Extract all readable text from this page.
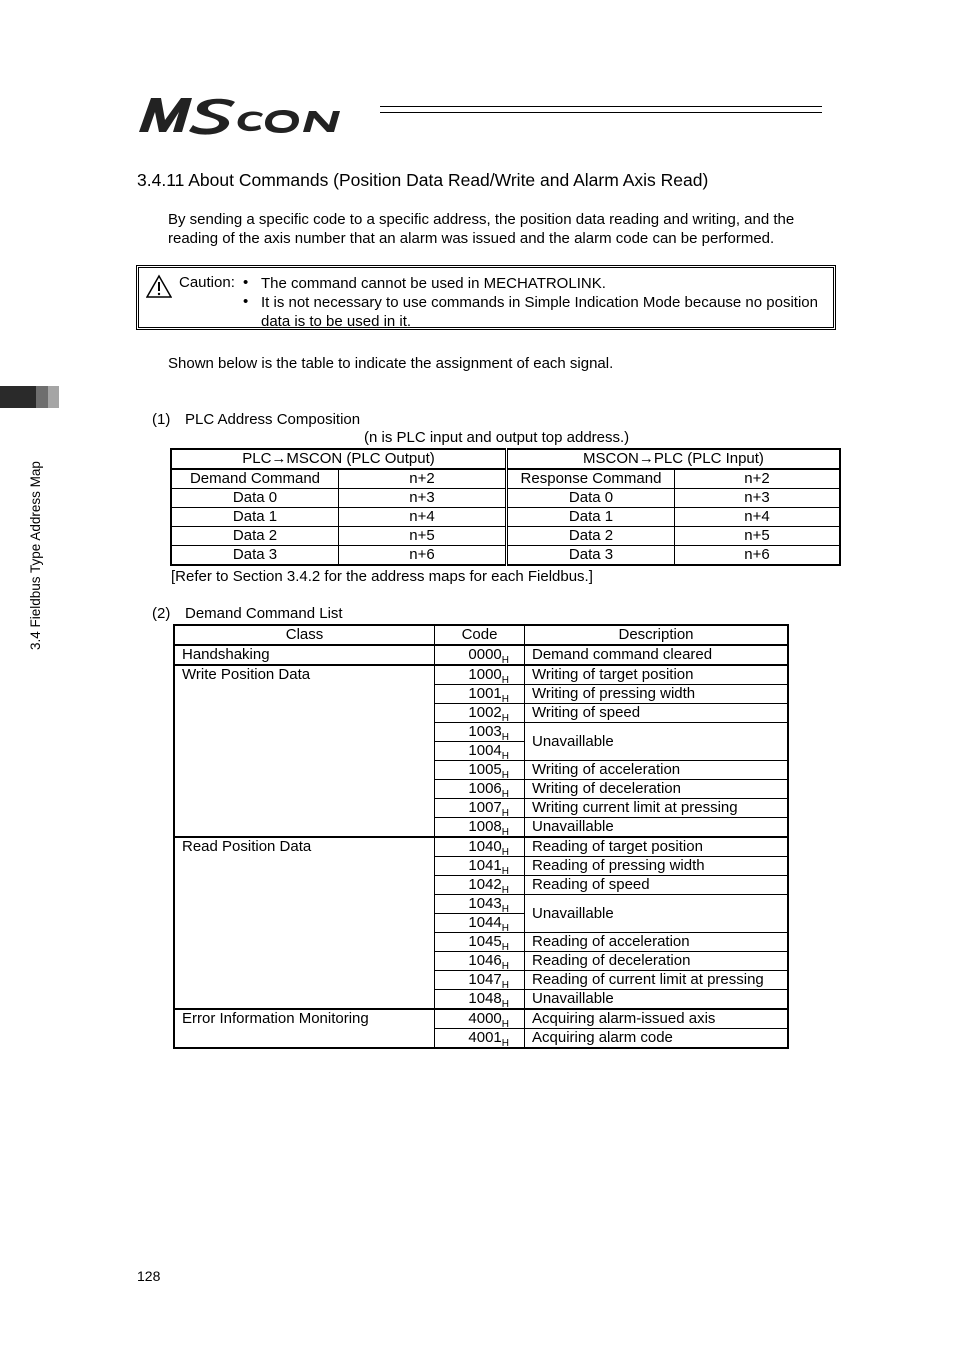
3.4 Fieldbus Type Address Map
3.4.11 About Commands (Position Data Read/Write and Alarm Axis Read)
By sending a specific code to a specific address, the position data reading and writing, and the reading of the axis number that an alarm was issued and the alarm code can be performed.
Caution: • The command cannot be used in MECHATROLINK.
• It is not necessary to use commands in Simple Indication Mode because no position data is to be used in it.
Shown below is the table to indicate the assignment of each signal.
(1) PLC Address Composition
(n is PLC input and output top address.)
PLC→MSCON (PLC Output)		MSCON→PLC (PLC Input)	
Demand Command	n+2	Response Command	n+2
Data 0	n+3	Data 0	n+3
Data 1	n+4	Data 1	n+4
Data 2	n+5	Data 2	n+5
Data 3	n+6	Data 3	n+6
[Refer to Section 3.4.2 for the address maps for each Fieldbus.]
(2) Demand Command List
Class	Code	Description
Handshaking	$0000_H$	Demand command cleared
Write Position Data	$1000_H$	Writing of target position
	$1001_H$	Writing of pressing width
	$1002_H$	Writing of speed
	$1003_H$	Unavaillable
	$1004_H$
	$1005_H$	Writing of acceleration
	$1006_H$	Writing of deceleration
	$1007_H$	Writing current limit at pressing
	$1008_H$	Unavaillable
Read Position Data	$1040_H$	Reading of target position
	$1041_H$	Reading of pressing width
	$1042_H$	Reading of speed
	$1043_H$	Unavaillable
	$1044_H$
	$1045_H$	Reading of acceleration
	$1046_H$	Reading of deceleration
	$1047_H$	Reading of current limit at pressing
	$1048_H$	Unavaillable
Error Information Monitoring	$4000_H$	Acquiring alarm-issued axis
	$4001_H$	Acquiring alarm code
128
